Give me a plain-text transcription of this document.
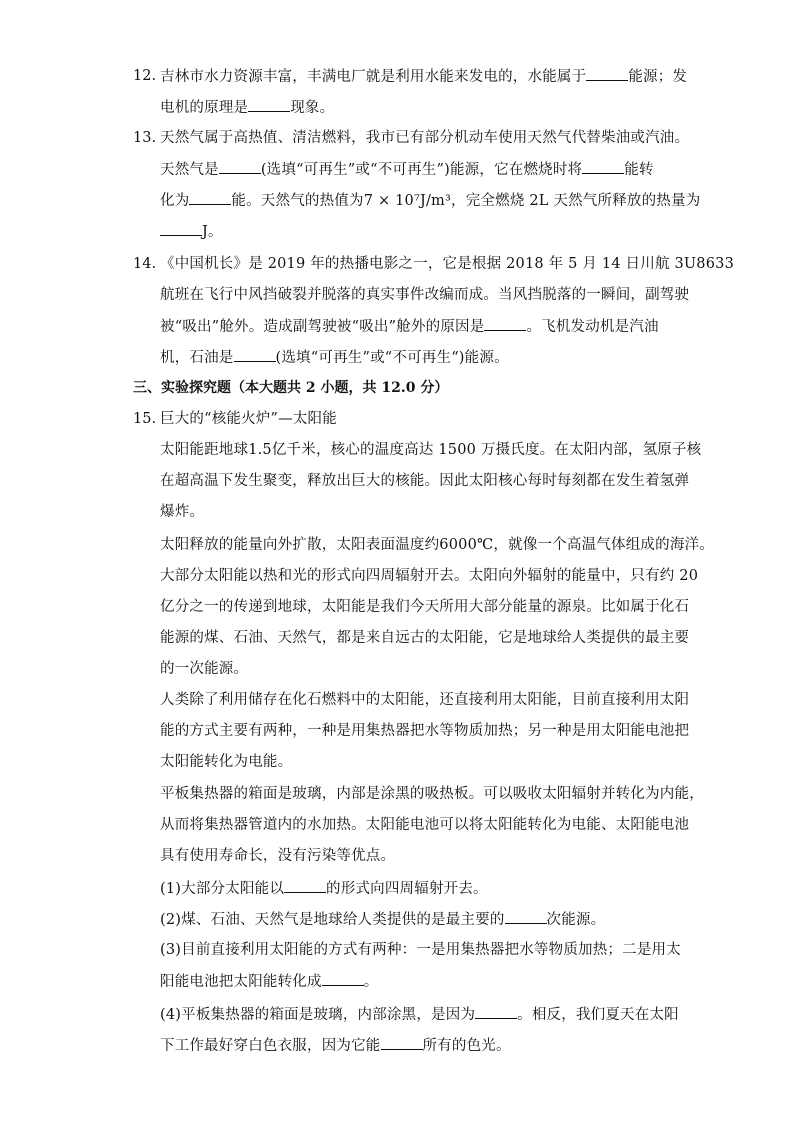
12. 吉林市水力资源丰富，丰满电厂就是利用水能来发电的，水能属于	能源；发
电机的原理是	现象。
13. 天然气属于高热值、清洁燃料，我市已有部分机动车使用天然气代替柴油或汽油。
天然气是	(选填“可再生”或“不可再生”)能源，它在燃烧时将	能转
化为	能。天然气的热值为7 × 10⁷J/m³，完全燃烧 2L 天然气所释放的热量为
J。
14. 《中国机长》是 2019 年的热播电影之一，它是根据 2018 年 5 月 14 日川航 3U8633
航班在飞行中风挡破裂并脱落的真实事件改编而成。当风挡脱落的一瞬间，副驾驶
被“吸出”舱外。造成副驾驶被“吸出”舱外的原因是	。飞机发动机是汽油
机，石油是	(选填“可再生”或“不可再生“)能源。
三、实验探究题（本大题共 2 小题，共 12.0 分）
15. 巨大的“核能火炉”—太阳能
太阳能距地球1.5亿千米，核心的温度高达 1500 万摄氏度。在太阳内部，氢原子核
在超高温下发生聚变，释放出巨大的核能。因此太阳核心每时每刻都在发生着氢弹
爆炸。
太阳释放的能量向外扩散，太阳表面温度约6000℃，就像一个高温气体组成的海洋。
大部分太阳能以热和光的形式向四周辐射开去。太阳向外辐射的能量中，只有约 20
亿分之一的传递到地球，太阳能是我们今天所用大部分能量的源泉。比如属于化石
能源的煤、石油、天然气，都是来自远古的太阳能，它是地球给人类提供的最主要
的一次能源。
人类除了利用储存在化石燃料中的太阳能，还直接利用太阳能，目前直接利用太阳
能的方式主要有两种，一种是用集热器把水等物质加热；另一种是用太阳能电池把
太阳能转化为电能。
平板集热器的箱面是玻璃，内部是涂黑的吸热板。可以吸收太阳辐射并转化为内能，
从而将集热器管道内的水加热。太阳能电池可以将太阳能转化为电能、太阳能电池
具有使用寿命长，没有污染等优点。
(1)大部分太阳能以	的形式向四周辐射开去。
(2)煤、石油、天然气是地球给人类提供的是最主要的	次能源。
(3)目前直接利用太阳能的方式有两种：一是用集热器把水等物质加热；二是用太
阳能电池把太阳能转化成	。
(4)平板集热器的箱面是玻璃，内部涂黑，是因为	。相反，我们夏天在太阳
下工作最好穿白色衣服，因为它能	所有的色光。
